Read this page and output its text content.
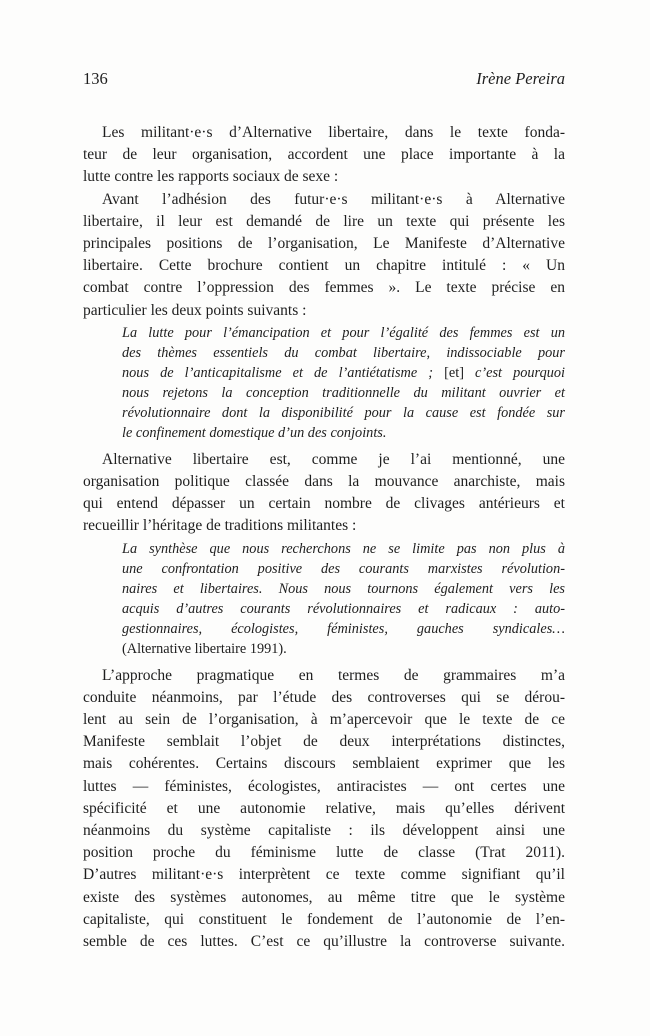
136	Irène Pereira
Les militant·e·s d’Alternative libertaire, dans le texte fonda-
teur de leur organisation, accordent une place importante à la
lutte contre les rapports sociaux de sexe :
Avant l’adhésion des futur·e·s militant·e·s à Alternative
libertaire, il leur est demandé de lire un texte qui présente les
principales positions de l’organisation, Le Manifeste d’Alternative
libertaire. Cette brochure contient un chapitre intitulé : « Un
combat contre l’oppression des femmes ». Le texte précise en
particulier les deux points suivants :
La lutte pour l’émancipation et pour l’égalité des femmes est un
des thèmes essentiels du combat libertaire, indissociable pour
nous de l’anticapitalisme et de l’antiétatisme ; [et] c’est pourquoi
nous rejetons la conception traditionnelle du militant ouvrier et
révolutionnaire dont la disponibilité pour la cause est fondée sur
le confinement domestique d’un des conjoints.
Alternative libertaire est, comme je l’ai mentionné, une
organisation politique classée dans la mouvance anarchiste, mais
qui entend dépasser un certain nombre de clivages antérieurs et
recueillir l’héritage de traditions militantes :
La synthèse que nous recherchons ne se limite pas non plus à
une confrontation positive des courants marxistes révolution-
naires et libertaires. Nous nous tournons également vers les
acquis d’autres courants révolutionnaires et radicaux : auto-
gestionnaires, écologistes, féministes, gauches syndicales…
(Alternative libertaire 1991).
L’approche pragmatique en termes de grammaires m’a
conduite néanmoins, par l’étude des controverses qui se dérou-
lent au sein de l’organisation, à m’apercevoir que le texte de ce
Manifeste semblait l’objet de deux interprétations distinctes,
mais cohérentes. Certains discours semblaient exprimer que les
luttes — féministes, écologistes, antiracistes — ont certes une
spécificité et une autonomie relative, mais qu’elles dérivent
néanmoins du système capitaliste : ils développent ainsi une
position proche du féminisme lutte de classe (Trat 2011).
D’autres militant·e·s interprètent ce texte comme signifiant qu’il
existe des systèmes autonomes, au même titre que le système
capitaliste, qui constituent le fondement de l’autonomie de l’en-
semble de ces luttes. C’est ce qu’illustre la controverse suivante.
